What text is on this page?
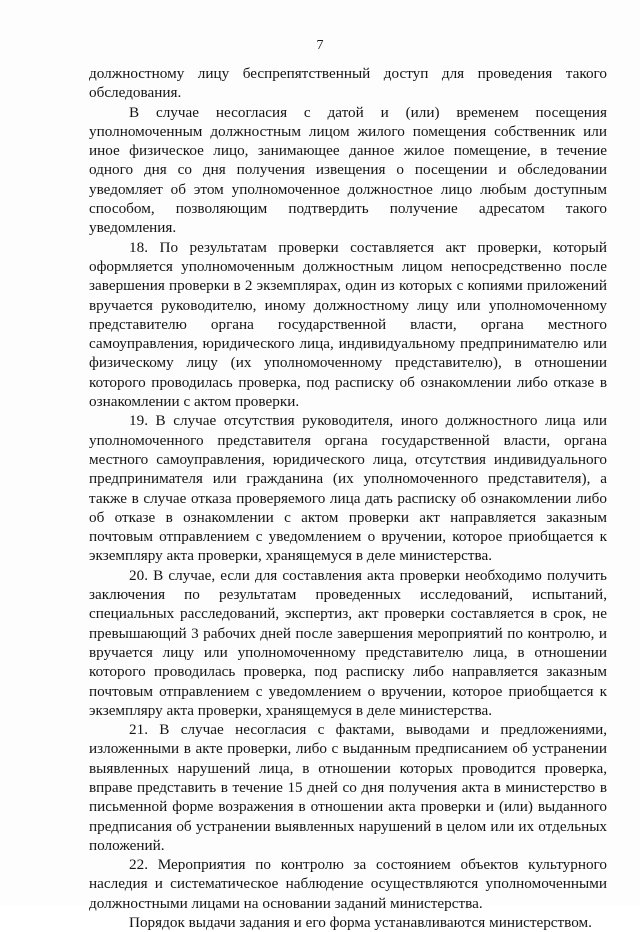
7

должностному лицу беспрепятственный доступ для проведения такого обследования.

В случае несогласия с датой и (или) временем посещения уполномоченным должностным лицом жилого помещения собственник или иное физическое лицо, занимающее данное жилое помещение, в течение одного дня со дня получения извещения о посещении и обследовании уведомляет об этом уполномоченное должностное лицо любым доступным способом, позволяющим подтвердить получение адресатом такого уведомления.

18. По результатам проверки составляется акт проверки, который оформляется уполномоченным должностным лицом непосредственно после завершения проверки в 2 экземплярах, один из которых с копиями приложений вручается руководителю, иному должностному лицу или уполномоченному представителю органа государственной власти, органа местного самоуправления, юридического лица, индивидуальному предпринимателю или физическому лицу (их уполномоченному представителю), в отношении которого проводилась проверка, под расписку об ознакомлении либо отказе в ознакомлении с актом проверки.

19. В случае отсутствия руководителя, иного должностного лица или уполномоченного представителя органа государственной власти, органа местного самоуправления, юридического лица, отсутствия индивидуального предпринимателя или гражданина (их уполномоченного представителя), а также в случае отказа проверяемого лица дать расписку об ознакомлении либо об отказе в ознакомлении с актом проверки акт направляется заказным почтовым отправлением с уведомлением о вручении, которое приобщается к экземпляру акта проверки, хранящемуся в деле министерства.

20. В случае, если для составления акта проверки необходимо получить заключения по результатам проведенных исследований, испытаний, специальных расследований, экспертиз, акт проверки составляется в срок, не превышающий 3 рабочих дней после завершения мероприятий по контролю, и вручается лицу или уполномоченному представителю лица, в отношении которого проводилась проверка, под расписку либо направляется заказным почтовым отправлением с уведомлением о вручении, которое приобщается к экземпляру акта проверки, хранящемуся в деле министерства.

21. В случае несогласия с фактами, выводами и предложениями, изложенными в акте проверки, либо с выданным предписанием об устранении выявленных нарушений лица, в отношении которых проводится проверка, вправе представить в течение 15 дней со дня получения акта в министерство в письменной форме возражения в отношении акта проверки и (или) выданного предписания об устранении выявленных нарушений в целом или их отдельных положений.

22. Мероприятия по контролю за состоянием объектов культурного наследия и систематическое наблюдение осуществляются уполномоченными должностными лицами на основании заданий министерства.

Порядок выдачи задания и его форма устанавливаются министерством.
